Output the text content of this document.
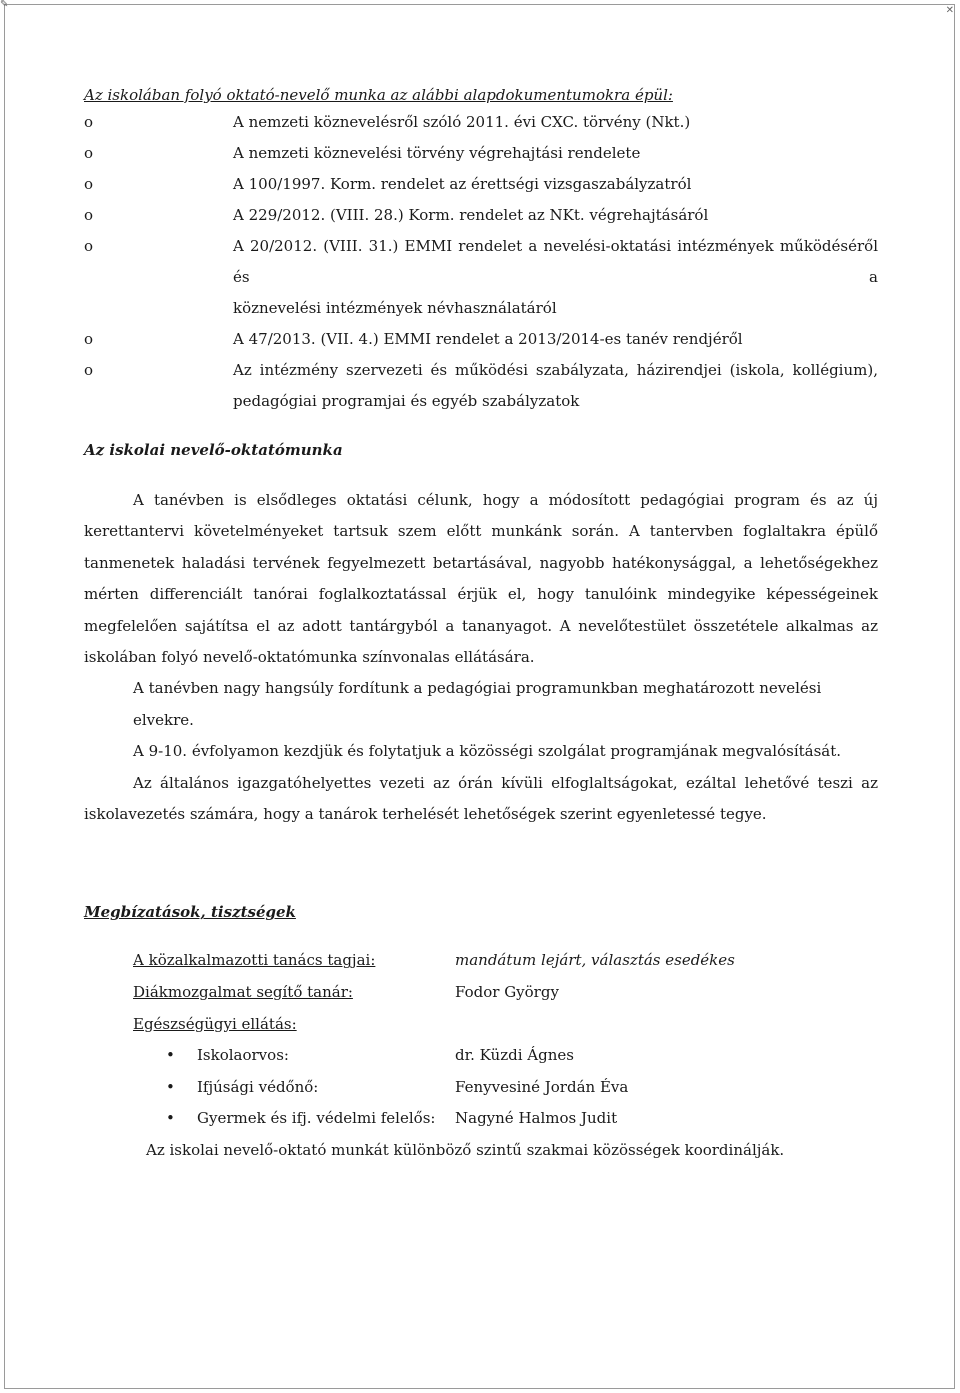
✎
✕
Az iskolában folyó oktató-nevelő munka az alábbi alapdokumentumokra épül:
o	A nemzeti köznevelésről szóló 2011. évi CXC. törvény (Nkt.)
o	A nemzeti köznevelési törvény végrehajtási rendelete
o	A 100/1997. Korm. rendelet az érettségi vizsgaszabályzatról
o	A 229/2012. (VIII. 28.) Korm. rendelet az NKt. végrehajtásáról
o	A 20/2012. (VIII. 31.) EMMI rendelet a nevelési-oktatási intézmények működéséről és a
köznevelési intézmények névhasználatáról
o	A 47/2013. (VII. 4.) EMMI rendelet a 2013/2014-es tanév rendjéről
o	Az intézmény szervezeti és működési szabályzata, házirendjei (iskola, kollégium),
pedagógiai programjai és egyéb szabályzatok
Az iskolai nevelő-oktatómunka

A tanévben is elsődleges oktatási célunk, hogy a módosított pedagógiai program és az új kerettantervi követelményeket tartsuk szem előtt munkánk során. A tantervben foglaltakra épülő tanmenetek haladási tervének fegyelmezett betartásával, nagyobb hatékonysággal, a lehetőségekhez mérten differenciált tanórai foglalkoztatással érjük el, hogy tanulóink mindegyike képességeinek megfelelően sajátítsa el az adott tantárgyból a tananyagot. A nevelőtestület összetétele alkalmas az iskolában folyó nevelő-oktatómunka színvonalas ellátására.

A tanévben nagy hangsúly fordítunk a pedagógiai programunkban meghatározott nevelési elvekre.

A 9-10. évfolyamon kezdjük és folytatjuk a közösségi szolgálat programjának megvalósítását.

Az általános igazgatóhelyettes vezeti az órán kívüli elfoglaltságokat, ezáltal lehetővé teszi az iskolavezetés számára, hogy a tanárok terhelését lehetőségek szerint egyenletessé tegye.

Megbízatások, tisztségek
A közalkalmazotti tanács tagjai:	mandátum lejárt, választás esedékes
Diákmozgalmat segítő tanár:	Fodor György
Egészségügyi ellátás:
• Iskolaorvos:	dr. Küzdi Ágnes
• Ifjúsági védőnő:	Fenyvesiné Jordán Éva
• Gyermek és ifj. védelmi felelős: Nagyné Halmos Judit
Az iskolai nevelő-oktató munkát különböző szintű szakmai közösségek koordinálják.
